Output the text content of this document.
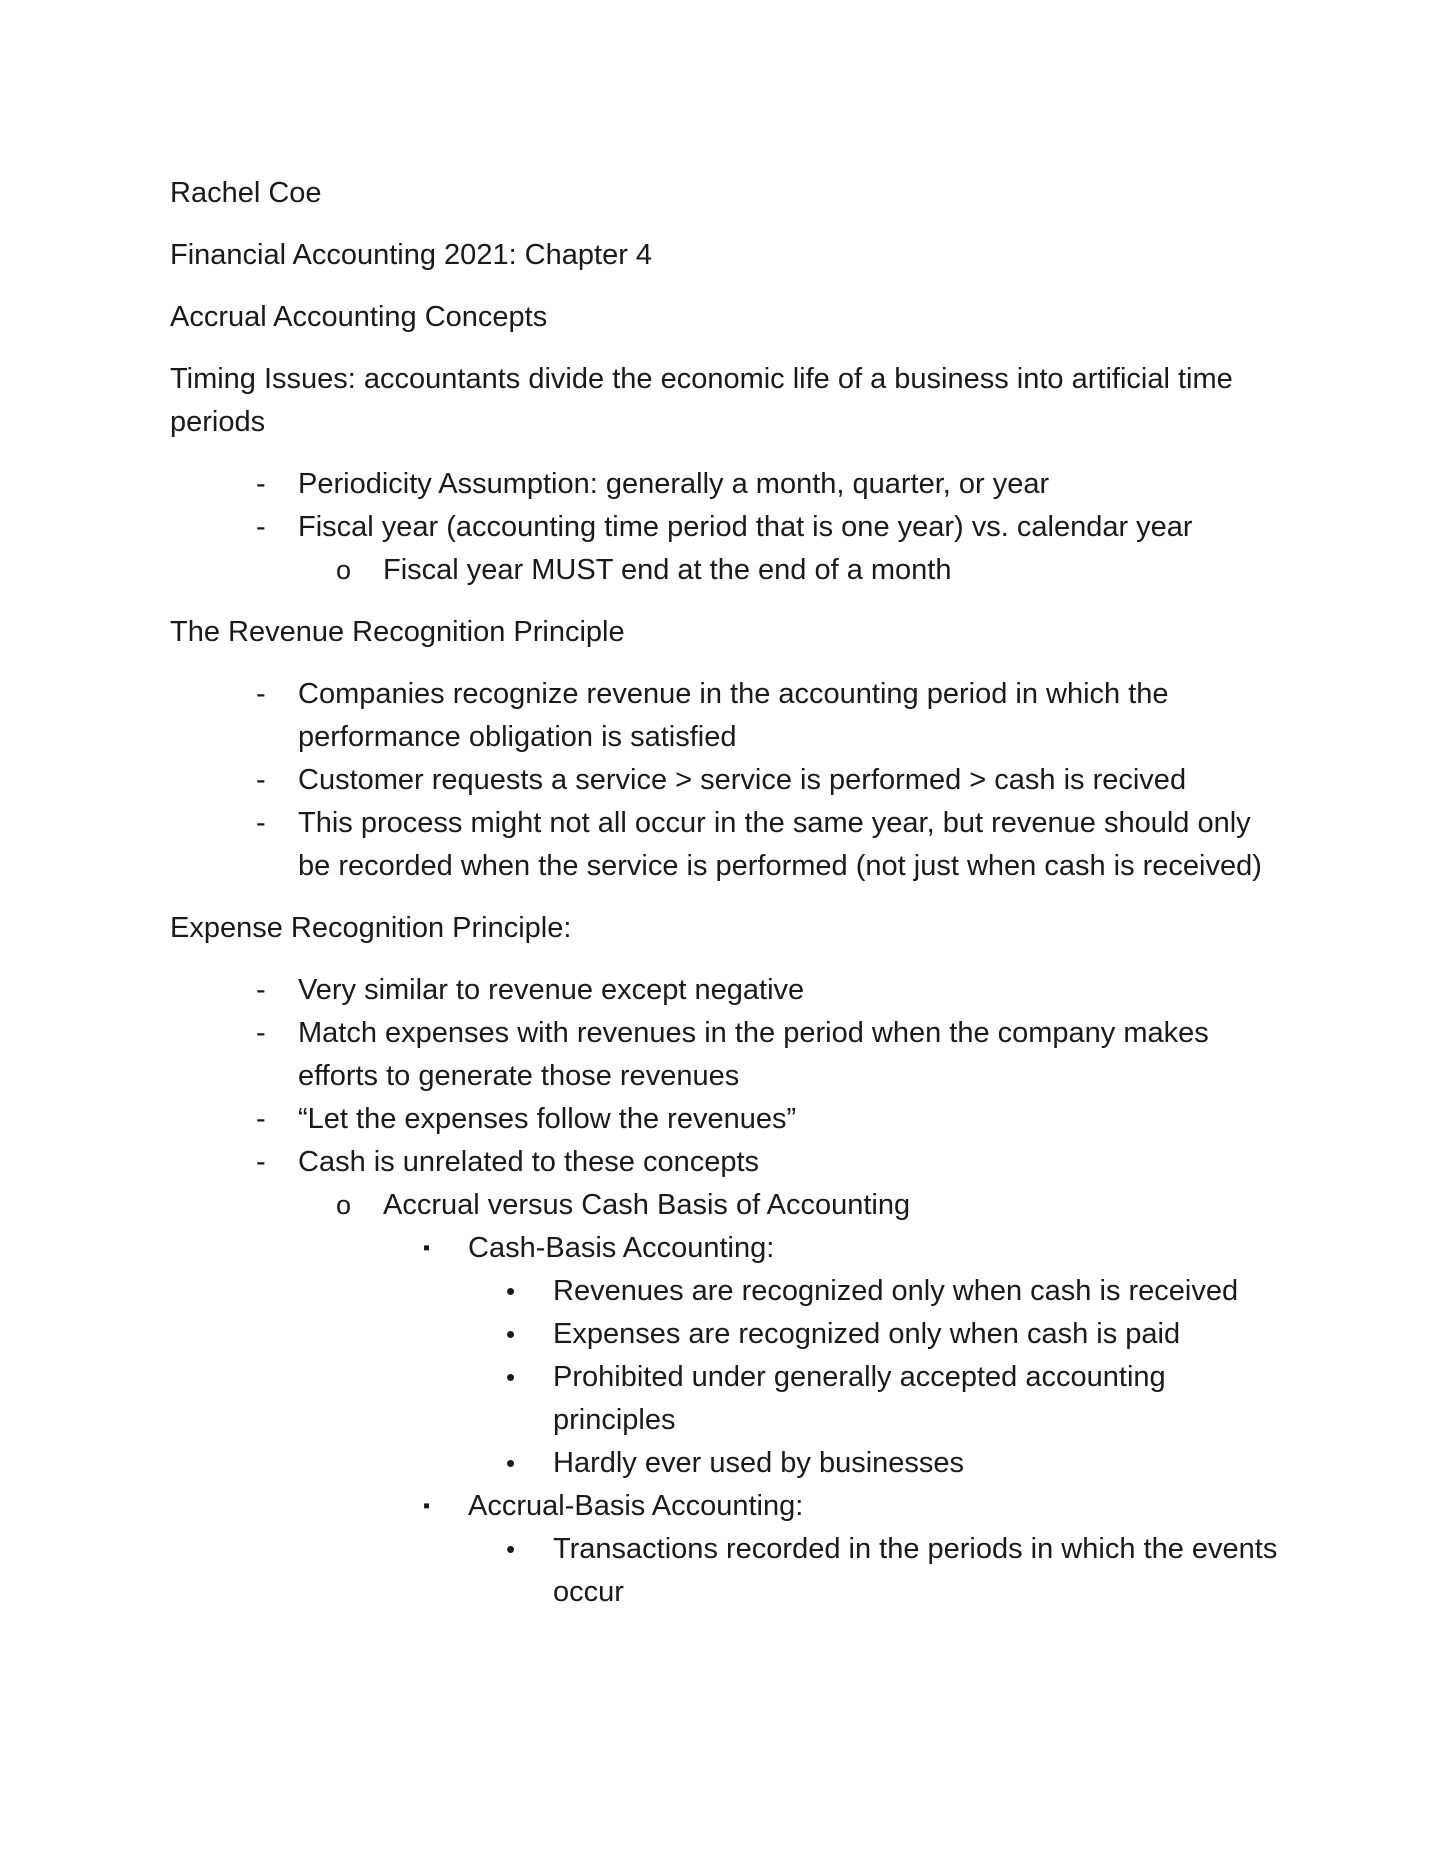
Rachel Coe

Financial Accounting 2021: Chapter 4

Accrual Accounting Concepts

Timing Issues: accountants divide the economic life of a business into artificial time periods

- Periodicity Assumption: generally a month, quarter, or year
- Fiscal year (accounting time period that is one year) vs. calendar year
o Fiscal year MUST end at the end of a month

The Revenue Recognition Principle

- Companies recognize revenue in the accounting period in which the performance obligation is satisfied
- Customer requests a service > service is performed > cash is recived
- This process might not all occur in the same year, but revenue should only be recorded when the service is performed (not just when cash is received)

Expense Recognition Principle:

- Very similar to revenue except negative
- Match expenses with revenues in the period when the company makes efforts to generate those revenues
- “Let the expenses follow the revenues”
- Cash is unrelated to these concepts
o Accrual versus Cash Basis of Accounting
▪ Cash-Basis Accounting:
• Revenues are recognized only when cash is received
• Expenses are recognized only when cash is paid
• Prohibited under generally accepted accounting principles
• Hardly ever used by businesses
▪ Accrual-Basis Accounting:
• Transactions recorded in the periods in which the events occur
